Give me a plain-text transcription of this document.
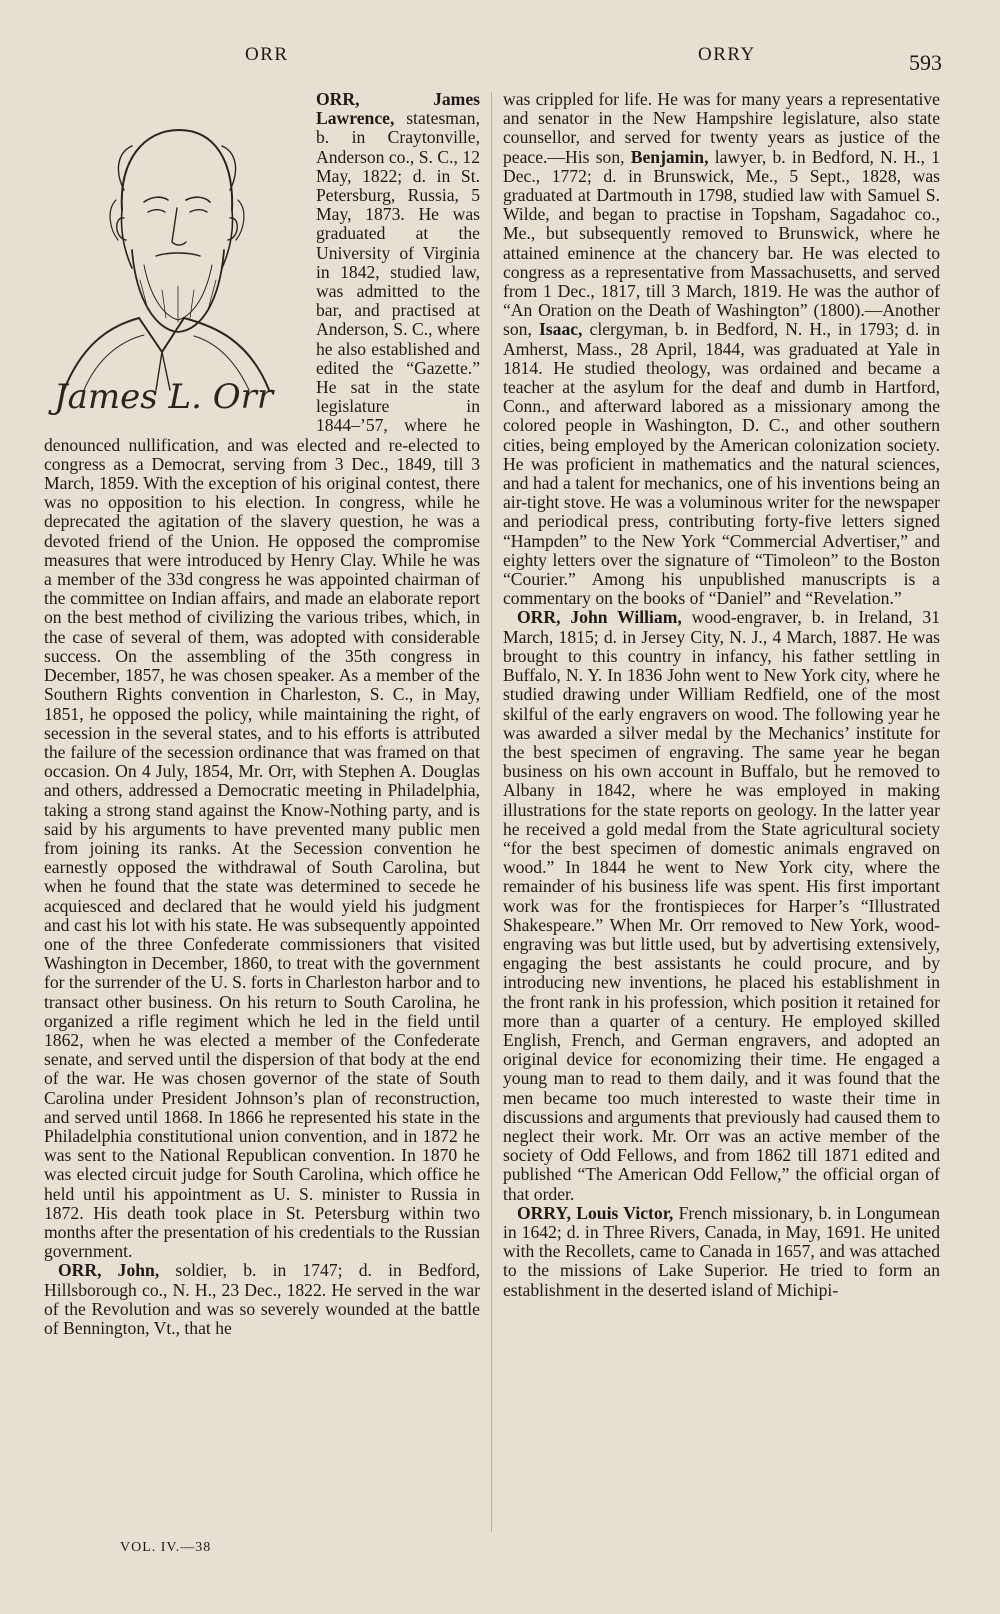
ORR	ORRY	593

James L. Orr
ORR, James Lawrence, statesman, b. in Craytonville, Anderson co., S. C., 12 May, 1822; d. in St. Petersburg, Russia, 5 May, 1873. He was graduated at the University of Virginia in 1842, studied law, was admitted to the bar, and practised at Anderson, S. C., where he also established and edited the “Gazette.” He sat in the state legislature in 1844–’57, where he denounced nullification, and was elected and re-elected to congress as a Democrat, serving from 3 Dec., 1849, till 3 March, 1859. With the exception of his original contest, there was no opposition to his election. In congress, while he deprecated the agitation of the slavery question, he was a devoted friend of the Union. He opposed the compromise measures that were introduced by Henry Clay. While he was a member of the 33d congress he was appointed chairman of the committee on Indian affairs, and made an elaborate report on the best method of civilizing the various tribes, which, in the case of several of them, was adopted with considerable success. On the assembling of the 35th congress in December, 1857, he was chosen speaker. As a member of the Southern Rights convention in Charleston, S. C., in May, 1851, he opposed the policy, while maintaining the right, of secession in the several states, and to his efforts is attributed the failure of the secession ordinance that was framed on that occasion. On 4 July, 1854, Mr. Orr, with Stephen A. Douglas and others, addressed a Democratic meeting in Philadelphia, taking a strong stand against the Know-Nothing party, and is said by his arguments to have prevented many public men from joining its ranks. At the Secession convention he earnestly opposed the withdrawal of South Carolina, but when he found that the state was determined to secede he acquiesced and declared that he would yield his judgment and cast his lot with his state. He was subsequently appointed one of the three Confederate commissioners that visited Washington in December, 1860, to treat with the government for the surrender of the U. S. forts in Charleston harbor and to transact other business. On his return to South Carolina, he organized a rifle regiment which he led in the field until 1862, when he was elected a member of the Confederate senate, and served until the dispersion of that body at the end of the war. He was chosen governor of the state of South Carolina under President Johnson’s plan of reconstruction, and served until 1868. In 1866 he represented his state in the Philadelphia constitutional union convention, and in 1872 he was sent to the National Republican convention. In 1870 he was elected circuit judge for South Carolina, which office he held until his appointment as U. S. minister to Russia in 1872. His death took place in St. Petersburg within two months after the presentation of his credentials to the Russian government.

ORR, John, soldier, b. in 1747; d. in Bedford, Hillsborough co., N. H., 23 Dec., 1822. He served in the war of the Revolution and was so severely wounded at the battle of Bennington, Vt., that he

was crippled for life. He was for many years a representative and senator in the New Hampshire legislature, also state counsellor, and served for twenty years as justice of the peace.—His son, Benjamin, lawyer, b. in Bedford, N. H., 1 Dec., 1772; d. in Brunswick, Me., 5 Sept., 1828, was graduated at Dartmouth in 1798, studied law with Samuel S. Wilde, and began to practise in Topsham, Sagadahoc co., Me., but subsequently removed to Brunswick, where he attained eminence at the chancery bar. He was elected to congress as a representative from Massachusetts, and served from 1 Dec., 1817, till 3 March, 1819. He was the author of “An Oration on the Death of Washington” (1800).—Another son, Isaac, clergyman, b. in Bedford, N. H., in 1793; d. in Amherst, Mass., 28 April, 1844, was graduated at Yale in 1814. He studied theology, was ordained and became a teacher at the asylum for the deaf and dumb in Hartford, Conn., and afterward labored as a missionary among the colored people in Washington, D. C., and other southern cities, being employed by the American colonization society. He was proficient in mathematics and the natural sciences, and had a talent for mechanics, one of his inventions being an air-tight stove. He was a voluminous writer for the newspaper and periodical press, contributing forty-five letters signed “Hampden” to the New York “Commercial Advertiser,” and eighty letters over the signature of “Timoleon” to the Boston “Courier.” Among his unpublished manuscripts is a commentary on the books of “Daniel” and “Revelation.”

ORR, John William, wood-engraver, b. in Ireland, 31 March, 1815; d. in Jersey City, N. J., 4 March, 1887. He was brought to this country in infancy, his father settling in Buffalo, N. Y. In 1836 John went to New York city, where he studied drawing under William Redfield, one of the most skilful of the early engravers on wood. The following year he was awarded a silver medal by the Mechanics’ institute for the best specimen of engraving. The same year he began business on his own account in Buffalo, but he removed to Albany in 1842, where he was employed in making illustrations for the state reports on geology. In the latter year he received a gold medal from the State agricultural society “for the best specimen of domestic animals engraved on wood.” In 1844 he went to New York city, where the remainder of his business life was spent. His first important work was for the frontispieces for Harper’s “Illustrated Shakespeare.” When Mr. Orr removed to New York, wood-engraving was but little used, but by advertising extensively, engaging the best assistants he could procure, and by introducing new inventions, he placed his establishment in the front rank in his profession, which position it retained for more than a quarter of a century. He employed skilled English, French, and German engravers, and adopted an original device for economizing their time. He engaged a young man to read to them daily, and it was found that the men became too much interested to waste their time in discussions and arguments that previously had caused them to neglect their work. Mr. Orr was an active member of the society of Odd Fellows, and from 1862 till 1871 edited and published “The American Odd Fellow,” the official organ of that order.

ORRY, Louis Victor, French missionary, b. in Longumean in 1642; d. in Three Rivers, Canada, in May, 1691. He united with the Recollets, came to Canada in 1657, and was attached to the missions of Lake Superior. He tried to form an establishment in the deserted island of Michipi-

VOL. IV.—38
